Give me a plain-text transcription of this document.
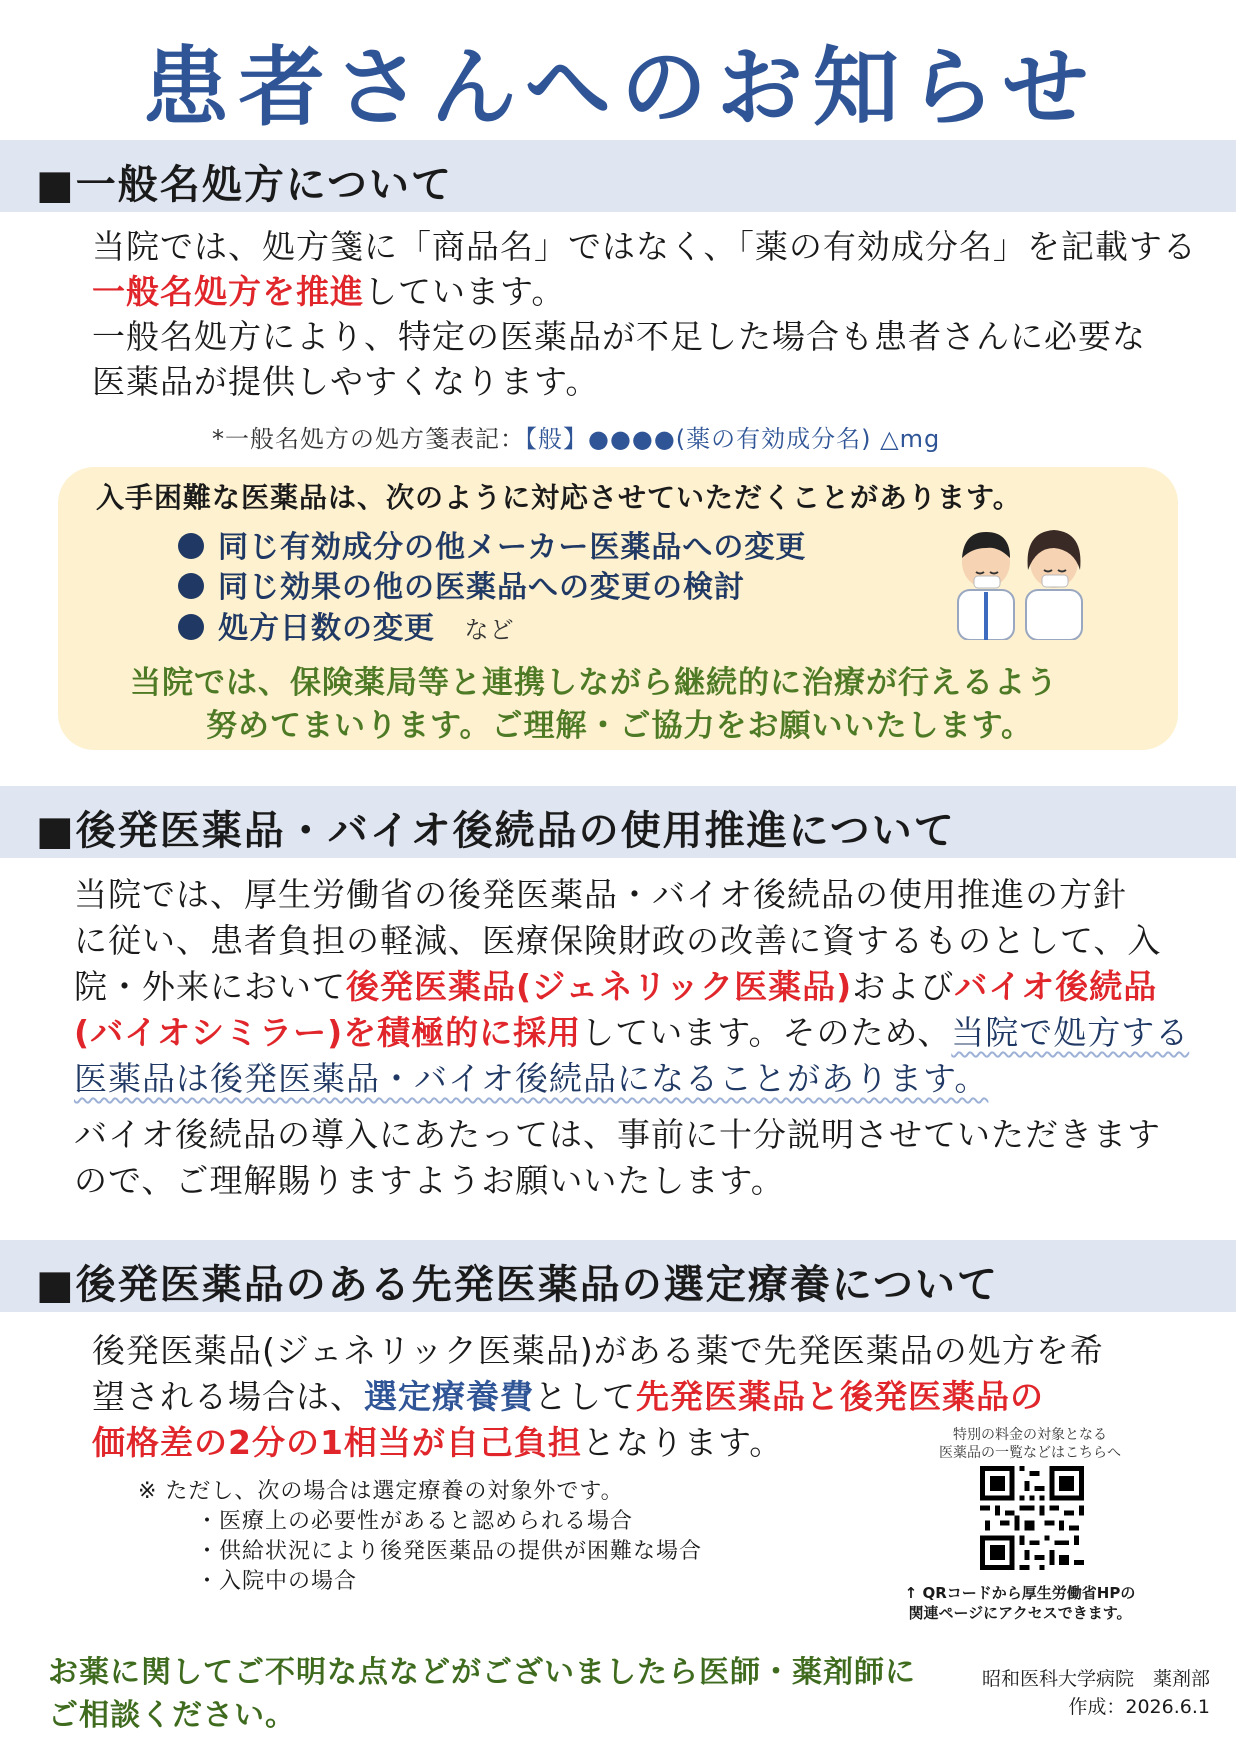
患者さんへのお知らせ
■一般名処方について
当院では、処方箋に「商品名」ではなく、「薬の有効成分名」を記載する
一般名処方を推進しています。
一般名処方により、特定の医薬品が不足した場合も患者さんに必要な
医薬品が提供しやすくなります。
*一般名処方の処方箋表記：【般】●●●●(薬の有効成分名) △mg
入手困難な医薬品は、次のように対応させていただくことがあります。
同じ有効成分の他メーカー医薬品への変更
同じ効果の他の医薬品への変更の検討
処方日数の変更 など
当院では、保険薬局等と連携しながら継続的に治療が行えるよう
努めてまいります。ご理解・ご協力をお願いいたします。
■後発医薬品・バイオ後続品の使用推進について
当院では、厚生労働省の後発医薬品・バイオ後続品の使用推進の方針
に従い、患者負担の軽減、医療保険財政の改善に資するものとして、入
院・外来において後発医薬品(ジェネリック医薬品)およびバイオ後続品
(バイオシミラー)を積極的に採用しています。そのため、当院で処方する
医薬品は後発医薬品・バイオ後続品になることがあります。
バイオ後続品の導入にあたっては、事前に十分説明させていただきます
ので、ご理解賜りますようお願いいたします。
■後発医薬品のある先発医薬品の選定療養について
後発医薬品(ジェネリック医薬品)がある薬で先発医薬品の処方を希
望される場合は、選定療養費として先発医薬品と後発医薬品の
価格差の2分の1相当が自己負担となります。
※ ただし、次の場合は選定療養の対象外です。
・医療上の必要性があると認められる場合
・供給状況により後発医薬品の提供が困難な場合
・入院中の場合
特別の料金の対象となる
医薬品の一覧などはこちらへ
↑ QRコードから厚生労働省HPの
関連ページにアクセスできます。
お薬に関してご不明な点などがございましたら医師・薬剤師に
ご相談ください。
昭和医科大学病院　薬剤部
作成：2026.6.1
